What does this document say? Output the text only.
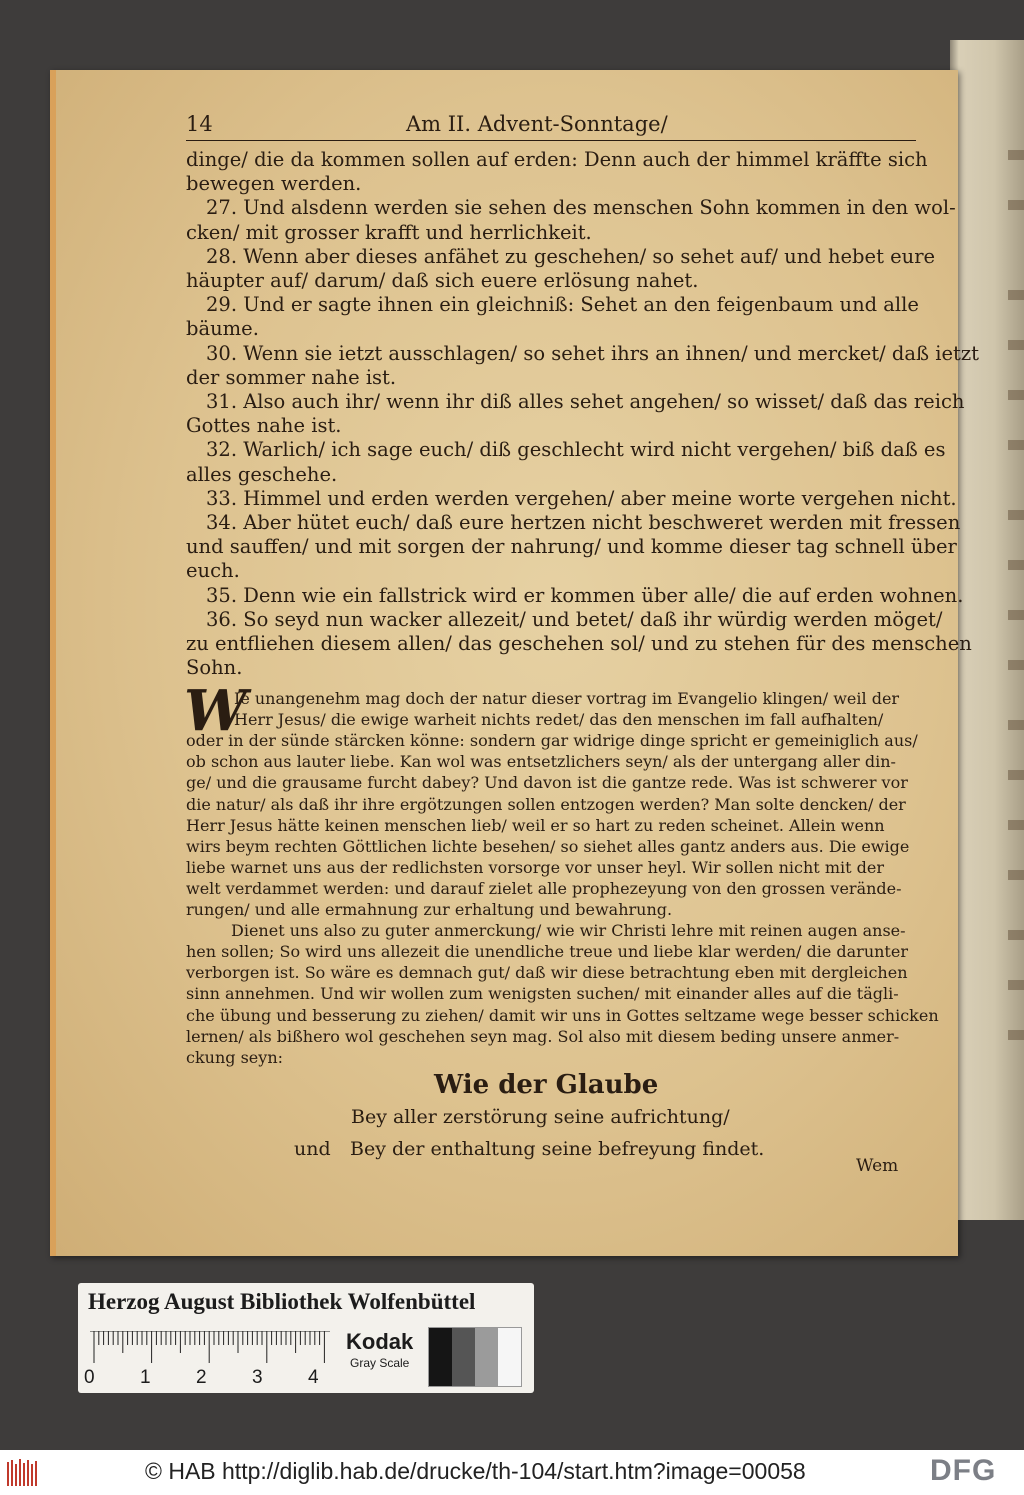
14	Am II. Advent-Sonntage/
dinge/ die da kommen sollen auf erden: Denn auch der himmel kräffte sich
bewegen werden.
27. Und alsdenn werden sie sehen des menschen Sohn kommen in den wol-
cken/ mit grosser krafft und herrlichkeit.
28. Wenn aber dieses anfähet zu geschehen/ so sehet auf/ und hebet eure
häupter auf/ darum/ daß sich euere erlösung nahet.
29. Und er sagte ihnen ein gleichniß: Sehet an den feigenbaum und alle
bäume.
30. Wenn sie ietzt ausschlagen/ so sehet ihrs an ihnen/ und mercket/ daß ietzt
der sommer nahe ist.
31. Also auch ihr/ wenn ihr diß alles sehet angehen/ so wisset/ daß das reich
Gottes nahe ist.
32. Warlich/ ich sage euch/ diß geschlecht wird nicht vergehen/ biß daß es
alles geschehe.
33. Himmel und erden werden vergehen/ aber meine worte vergehen nicht.
34. Aber hütet euch/ daß eure hertzen nicht beschweret werden mit fressen
und sauffen/ und mit sorgen der nahrung/ und komme dieser tag schnell über
euch.
35. Denn wie ein fallstrick wird er kommen über alle/ die auf erden wohnen.
36. So seyd nun wacker allezeit/ und betet/ daß ihr würdig werden möget/
zu entfliehen diesem allen/ das geschehen sol/ und zu stehen für des menschen
Sohn.
W
Ie unangenehm mag doch der natur dieser vortrag im Evangelio klingen/ weil der
Herr Jesus/ die ewige warheit nichts redet/ das den menschen im fall aufhalten/
oder in der sünde stärcken könne: sondern gar widrige dinge spricht er gemeiniglich aus/
ob schon aus lauter liebe. Kan wol was entsetzlichers seyn/ als der untergang aller din-
ge/ und die grausame furcht dabey? Und davon ist die gantze rede. Was ist schwerer vor
die natur/ als daß ihr ihre ergötzungen sollen entzogen werden? Man solte dencken/ der
Herr Jesus hätte keinen menschen lieb/ weil er so hart zu reden scheinet. Allein wenn
wirs beym rechten Göttlichen lichte besehen/ so siehet alles gantz anders aus. Die ewige
liebe warnet uns aus der redlichsten vorsorge vor unser heyl. Wir sollen nicht mit der
welt verdammet werden: und darauf zielet alle prophezeyung von den grossen verände-
rungen/ und alle ermahnung zur erhaltung und bewahrung.
Dienet uns also zu guter anmerckung/ wie wir Christi lehre mit reinen augen anse-
hen sollen; So wird uns allezeit die unendliche treue und liebe klar werden/ die darunter
verborgen ist. So wäre es demnach gut/ daß wir diese betrachtung eben mit dergleichen
sinn annehmen. Und wir wollen zum wenigsten suchen/ mit einander alles auf die tägli-
che übung und besserung zu ziehen/ damit wir uns in Gottes seltzame wege besser schicken
lernen/ als bißhero wol geschehen seyn mag. Sol also mit diesem beding unsere anmer-
ckung seyn:
Wie der Glaube
Bey aller zerstörung seine aufrichtung/
und Bey der enthaltung seine befreyung findet.
Wem
Herzog August Bibliothek Wolfenbüttel
0 1 2 3 4
Kodak
Gray Scale
© HAB http://diglib.hab.de/drucke/th-104/start.htm?image=00058	DFG
